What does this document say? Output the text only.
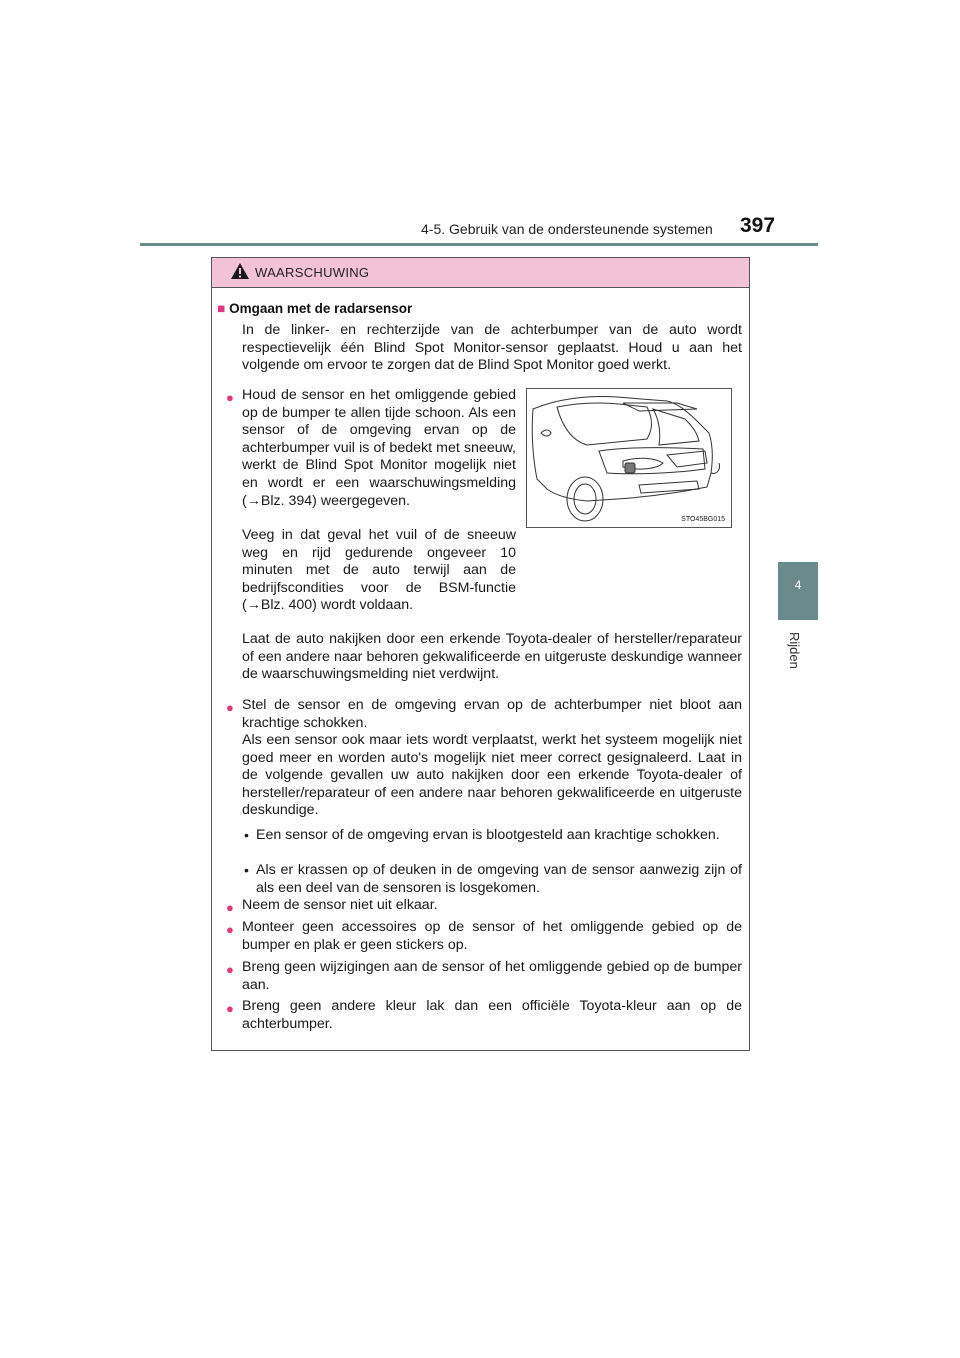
4-5. Gebruik van de ondersteunende systemen 397
4
Rijden
WAARSCHUWING
■ Omgaan met de radarsensor
In de linker- en rechterzijde van de achterbumper van de auto wordt respectievelijk één Blind Spot Monitor-sensor geplaatst. Houd u aan het volgende om ervoor te zorgen dat de Blind Spot Monitor goed werkt.
● Houd de sensor en het omliggende gebied op de bumper te allen tijde schoon. Als een sensor of de omgeving ervan op de achterbumper vuil is of bedekt met sneeuw, werkt de Blind Spot Monitor mogelijk niet en wordt er een waarschuwingsmelding (→Blz. 394) weergegeven.
Veeg in dat geval het vuil of de sneeuw weg en rijd gedurende ongeveer 10 minuten met de auto terwijl aan de bedrijfscondities voor de BSM-functie (→Blz. 400) wordt voldaan.
STO45BG015
Laat de auto nakijken door een erkende Toyota-dealer of hersteller/reparateur of een andere naar behoren gekwalificeerde en uitgeruste deskundige wanneer de waarschuwingsmelding niet verdwijnt.
● Stel de sensor en de omgeving ervan op de achterbumper niet bloot aan krachtige schokken.
Als een sensor ook maar iets wordt verplaatst, werkt het systeem mogelijk niet goed meer en worden auto's mogelijk niet meer correct gesignaleerd. Laat in de volgende gevallen uw auto nakijken door een erkende Toyota-dealer of hersteller/reparateur of een andere naar behoren gekwalificeerde en uitgeruste deskundige.
• Een sensor of de omgeving ervan is blootgesteld aan krachtige schokken.
• Als er krassen op of deuken in de omgeving van de sensor aanwezig zijn of als een deel van de sensoren is losgekomen.
● Neem de sensor niet uit elkaar.
● Monteer geen accessoires op de sensor of het omliggende gebied op de bumper en plak er geen stickers op.
● Breng geen wijzigingen aan de sensor of het omliggende gebied op de bumper aan.
● Breng geen andere kleur lak dan een officiële Toyota-kleur aan op de achterbumper.
